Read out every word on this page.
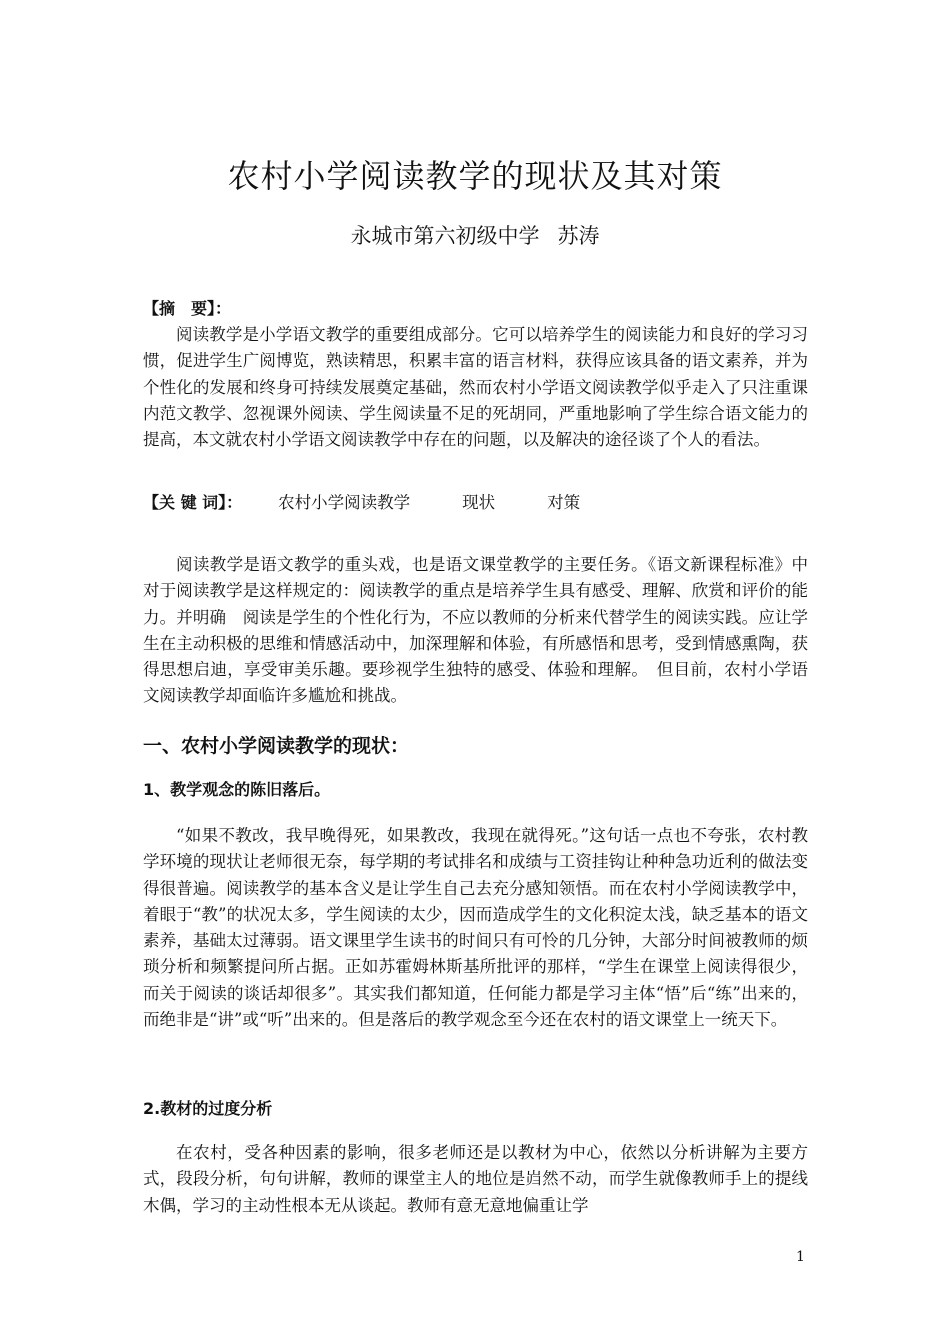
农村小学阅读教学的现状及其对策
永城市第六初级中学 苏涛
【摘　要】：
阅读教学是小学语文教学的重要组成部分。它可以培养学生的阅读能力和良好的学习习惯，促进学生广阅博览，熟读精思，积累丰富的语言材料，获得应该具备的语文素养，并为个性化的发展和终身可持续发展奠定基础，然而农村小学语文阅读教学似乎走入了只注重课内范文教学、忽视课外阅读、学生阅读量不足的死胡同，严重地影响了学生综合语文能力的提高，本文就农村小学语文阅读教学中存在的问题，以及解决的途径谈了个人的看法。
【关 键 词】： 农村小学阅读教学	现状	对策
阅读教学是语文教学的重头戏，也是语文课堂教学的主要任务。《语文新课程标准》中对于阅读教学是这样规定的：阅读教学的重点是培养学生具有感受、理解、欣赏和评价的能力。并明确　阅读是学生的个性化行为，不应以教师的分析来代替学生的阅读实践。应让学生在主动积极的思维和情感活动中，加深理解和体验，有所感悟和思考，受到情感熏陶，获得思想启迪，享受审美乐趣。要珍视学生独特的感受、体验和理解。　但目前，农村小学语文阅读教学却面临许多尴尬和挑战。
一、农村小学阅读教学的现状：
1、教学观念的陈旧落后。
“如果不教改，我早晚得死，如果教改，我现在就得死。”这句话一点也不夸张，农村教学环境的现状让老师很无奈，每学期的考试排名和成绩与工资挂钩让种种急功近利的做法变得很普遍。阅读教学的基本含义是让学生自己去充分感知领悟。而在农村小学阅读教学中，着眼于“教”的状况太多，学生阅读的太少，因而造成学生的文化积淀太浅，缺乏基本的语文素养，基础太过薄弱。语文课里学生读书的时间只有可怜的几分钟，大部分时间被教师的烦琐分析和频繁提问所占据。正如苏霍姆林斯基所批评的那样，“学生在课堂上阅读得很少，而关于阅读的谈话却很多”。其实我们都知道，任何能力都是学习主体“悟”后“练”出来的，而绝非是“讲”或“听”出来的。但是落后的教学观念至今还在农村的语文课堂上一统天下。
2.教材的过度分析
在农村，受各种因素的影响，很多老师还是以教材为中心，依然以分析讲解为主要方式，段段分析，句句讲解，教师的课堂主人的地位是岿然不动，而学生就像教师手上的提线木偶，学习的主动性根本无从谈起。教师有意无意地偏重让学
1
